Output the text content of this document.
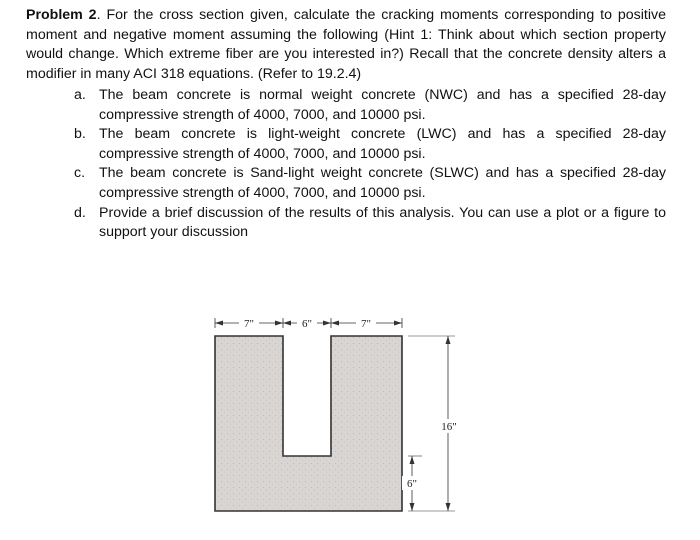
Problem 2. For the cross section given, calculate the cracking moments corresponding to positive moment and negative moment assuming the following (Hint 1: Think about which section property would change. Which extreme fiber are you interested in?) Recall that the concrete density alters a modifier in many ACI 318 equations. (Refer to 19.2.4)

a. The beam concrete is normal weight concrete (NWC) and has a specified 28-day compressive strength of 4000, 7000, and 10000 psi.
b. The beam concrete is light-weight concrete (LWC) and has a specified 28-day compressive strength of 4000, 7000, and 10000 psi.
c. The beam concrete is Sand-light weight concrete (SLWC) and has a specified 28-day compressive strength of 4000, 7000, and 10000 psi.
d. Provide a brief discussion of the results of this analysis. You can use a plot or a figure to support your discussion
7"	6"	7"
16"
6"
